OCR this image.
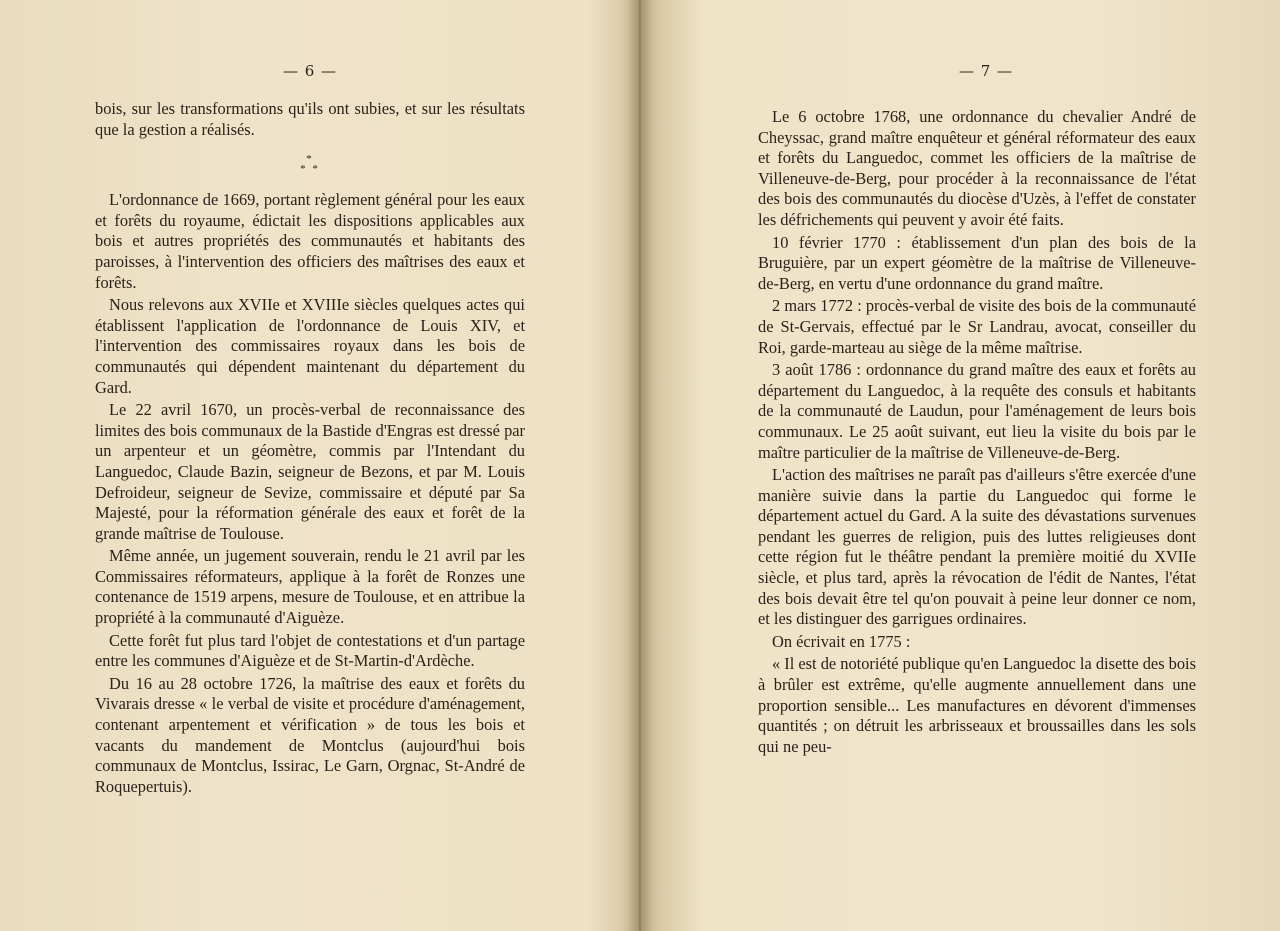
— 6 —

bois, sur les transformations qu'ils ont subies, et sur les résultats que la gestion a réalisés.

*
* *

L'ordonnance de 1669, portant règlement général pour les eaux et forêts du royaume, édictait les dispositions applicables aux bois et autres propriétés des communautés et habitants des paroisses, à l'intervention des officiers des maîtrises des eaux et forêts.

Nous relevons aux XVIIe et XVIIIe siècles quelques actes qui établissent l'application de l'ordonnance de Louis XIV, et l'intervention des commissaires royaux dans les bois de communautés qui dépendent maintenant du département du Gard.

Le 22 avril 1670, un procès-verbal de reconnaissance des limites des bois communaux de la Bastide d'Engras est dressé par un arpenteur et un géomètre, commis par l'Intendant du Languedoc, Claude Bazin, seigneur de Bezons, et par M. Louis Defroideur, seigneur de Sevize, commissaire et député par Sa Majesté, pour la réformation générale des eaux et forêt de la grande maîtrise de Toulouse.

Même année, un jugement souverain, rendu le 21 avril par les Commissaires réformateurs, applique à la forêt de Ronzes une contenance de 1519 arpens, mesure de Toulouse, et en attribue la propriété à la communauté d'Aiguèze.

Cette forêt fut plus tard l'objet de contestations et d'un partage entre les communes d'Aiguèze et de St-Martin-d'Ardèche.

Du 16 au 28 octobre 1726, la maîtrise des eaux et forêts du Vivarais dresse « le verbal de visite et procédure d'aménagement, contenant arpentement et vérification » de tous les bois et vacants du mandement de Montclus (aujourd'hui bois communaux de Montclus, Issirac, Le Garn, Orgnac, St-André de Roquepertuis).

— 7 —

Le 6 octobre 1768, une ordonnance du chevalier André de Cheyssac, grand maître enquêteur et général réformateur des eaux et forêts du Languedoc, commet les officiers de la maîtrise de Villeneuve-de-Berg, pour procéder à la reconnaissance de l'état des bois des communautés du diocèse d'Uzès, à l'effet de constater les défrichements qui peuvent y avoir été faits.

10 février 1770 : établissement d'un plan des bois de la Bruguière, par un expert géomètre de la maîtrise de Villeneuve-de-Berg, en vertu d'une ordonnance du grand maître.

2 mars 1772 : procès-verbal de visite des bois de la communauté de St-Gervais, effectué par le Sr Landrau, avocat, conseiller du Roi, garde-marteau au siège de la même maîtrise.

3 août 1786 : ordonnance du grand maître des eaux et forêts au département du Languedoc, à la requête des consuls et habitants de la communauté de Laudun, pour l'aménagement de leurs bois communaux. Le 25 août suivant, eut lieu la visite du bois par le maître particulier de la maîtrise de Villeneuve-de-Berg.

L'action des maîtrises ne paraît pas d'ailleurs s'être exercée d'une manière suivie dans la partie du Languedoc qui forme le département actuel du Gard. A la suite des dévastations survenues pendant les guerres de religion, puis des luttes religieuses dont cette région fut le théâtre pendant la première moitié du XVIIe siècle, et plus tard, après la révocation de l'édit de Nantes, l'état des bois devait être tel qu'on pouvait à peine leur donner ce nom, et les distinguer des garrigues ordinaires.

On écrivait en 1775 :

« Il est de notoriété publique qu'en Languedoc la disette des bois à brûler est extrême, qu'elle augmente annuellement dans une proportion sensible... Les manufactures en dévorent d'immenses quantités ; on détruit les arbrisseaux et broussailles dans les sols qui ne peu-
